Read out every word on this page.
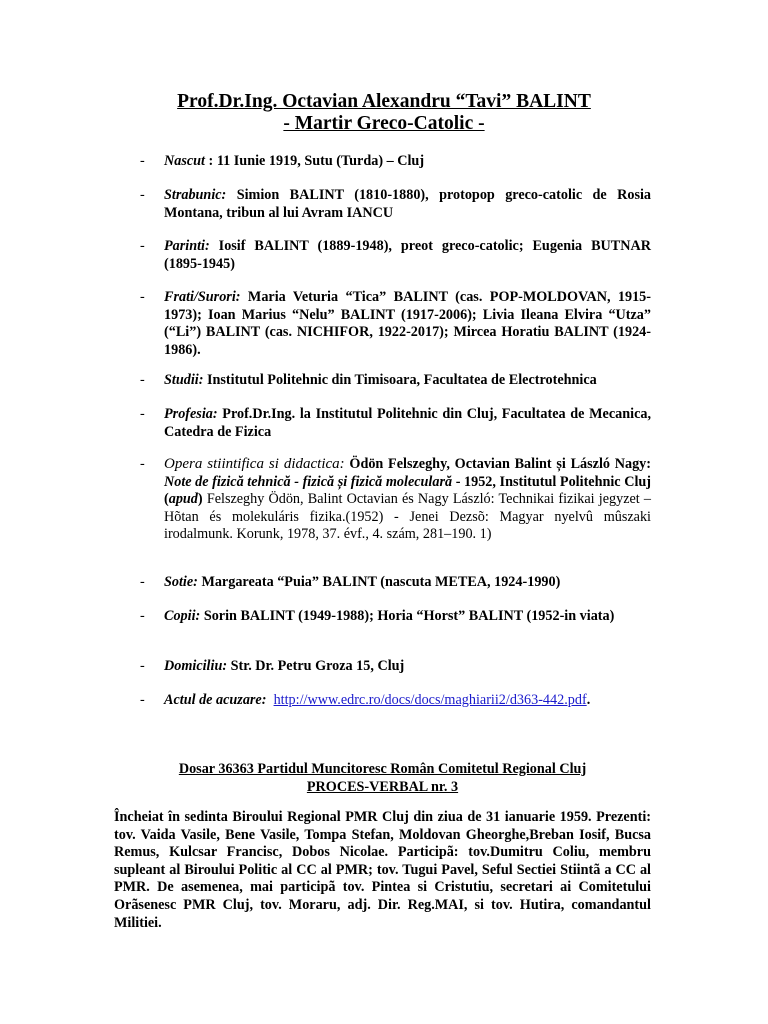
Prof.Dr.Ing. Octavian Alexandru “Tavi” BALINT
- Martir Greco-Catolic -
- Nascut : 11 Iunie 1919, Sutu (Turda) – Cluj
- Strabunic: Simion BALINT (1810-1880), protopop greco-catolic de Rosia Montana, tribun al lui Avram IANCU
- Parinti: Iosif BALINT (1889-1948), preot greco-catolic; Eugenia BUTNAR (1895-1945)
- Frati/Surori: Maria Veturia “Tica” BALINT (cas. POP-MOLDOVAN, 1915-1973); Ioan Marius “Nelu” BALINT (1917-2006); Livia Ileana Elvira “Utza” (“Li”) BALINT (cas. NICHIFOR, 1922-2017); Mircea Horatiu BALINT (1924-1986).
- Studii: Institutul Politehnic din Timisoara, Facultatea de Electrotehnica
- Profesia: Prof.Dr.Ing. la Institutul Politehnic din Cluj, Facultatea de Mecanica, Catedra de Fizica
- Opera stiintifica si didactica: Ödön Felszeghy, Octavian Balint și László Nagy: Note de fizică tehnică - fizică și fizică moleculară - 1952, Institutul Politehnic Cluj (apud) Felszeghy Ödön, Balint Octavian és Nagy László: Technikai fizikai jegyzet – Hõtan és molekuláris fizika.(1952) - Jenei Dezsõ: Magyar nyelvû mûszaki irodalmunk. Korunk, 1978, 37. évf., 4. szám, 281–190. 1)
- Sotie: Margareata “Puia” BALINT (nascuta METEA, 1924-1990)
- Copii: Sorin BALINT (1949-1988); Horia “Horst” BALINT (1952-in viata)
- Domiciliu: Str. Dr. Petru Groza 15, Cluj
- Actul de acuzare: http://www.edrc.ro/docs/docs/maghiarii2/d363-442.pdf.
Dosar 36363 Partidul Muncitoresc Român Comitetul Regional Cluj
PROCES-VERBAL nr. 3
Încheiat în sedinta Biroului Regional PMR Cluj din ziua de 31 ianuarie 1959. Prezenti: tov. Vaida Vasile, Bene Vasile, Tompa Stefan, Moldovan Gheorghe,Breban Iosif, Bucsa Remus, Kulcsar Francisc, Dobos Nicolae. Participã: tov.Dumitru Coliu, membru supleant al Biroului Politic al CC al PMR; tov. Tugui Pavel, Seful Sectiei Stiintã a CC al PMR. De asemenea, mai participã tov. Pintea si Cristutiu, secretari ai Comitetului Orãsenesc PMR Cluj, tov. Moraru, adj. Dir. Reg.MAI, si tov. Hutira, comandantul Militiei.
